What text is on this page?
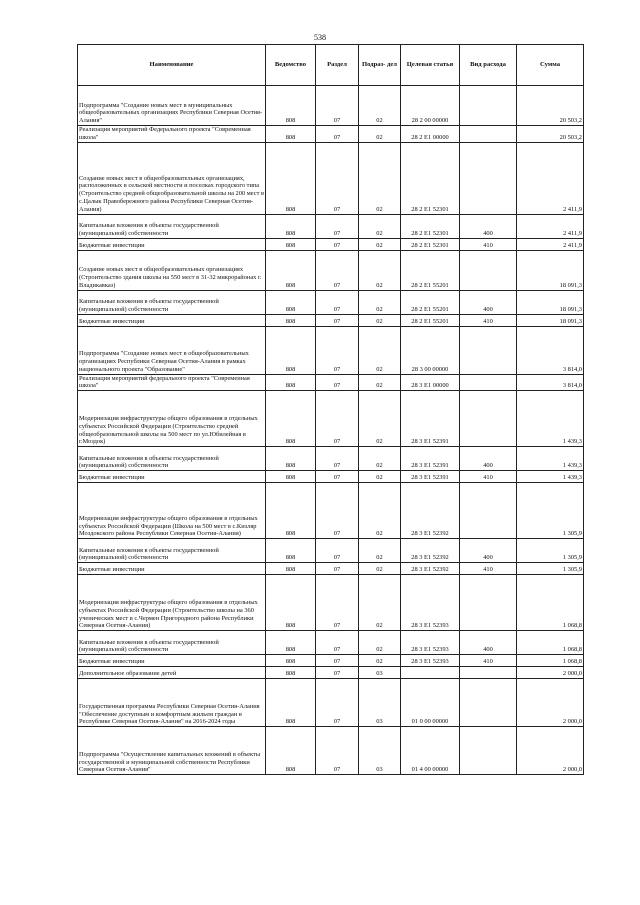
538
Наименование	Ведомство	Раздел	Подраз- дел	Целевая статья	Вид расхода	Сумма
Подпрограмма "Создание новых мест в муниципальных общеобразовательных организациях Республики Северная Осетия-Алания"	808	07	02	28 2 00 00000		20 503,2
Реализация мероприятий Федерального проекта "Современная школа"	808	07	02	28 2 E1 00000		20 503,2
Создание новых мест в общеобразовательных организациях, расположенных в сельской местности и поселках городского типа (Строительство средней общеобразовательной школы на 200 мест в с.Цалык Правобережного района Республики Северная Осетия-Алания)	808	07	02	28 2 E1 52301		2 411,9
Капитальные вложения в объекты государственной (муниципальной) собственности	808	07	02	28 2 E1 52301	400	2 411,9
Бюджетные инвестиции	808	07	02	28 2 E1 52301	410	2 411,9
Создание новых мест в общеобразовательных организациях (Строительство здания школы на 550 мест в 31-32 микрорайонах г. Владикавказ)	808	07	02	28 2 E1 55201		18 091,3
Капитальные вложения в объекты государственной (муниципальной) собственности	808	07	02	28 2 E1 55201	400	18 091,3
Бюджетные инвестиции	808	07	02	28 2 E1 55201	410	18 091,3
Подпрограмма "Создание новых мест в общеобразовательных организациях Республики Северная Осетия-Алания в рамках национального проекта "Образование"	808	07	02	28 3 00 00000		3 814,0
Реализация мероприятий федерального проекта "Современная школа"	808	07	02	28 3 E1 00000		3 814,0
Модернизация инфраструктуры общего образования в отдельных субъектах Российской Федерации (Строительство средней общеобразовательной школы на 500 мест по ул.Юбилейная в г.Моздок)	808	07	02	28 3 E1 52391		1 439,3
Капитальные вложения в объекты государственной (муниципальной) собственности	808	07	02	28 3 E1 52391	400	1 439,3
Бюджетные инвестиции	808	07	02	28 3 E1 52391	410	1 439,3
Модернизация инфраструктуры общего образования в отдельных субъектах Российской Федерации (Школа на 500 мест в с.Кизляр Моздокского района Республики Северная Осетия-Алания)	808	07	02	28 3 E1 52392		1 305,9
Капитальные вложения в объекты государственной (муниципальной) собственности	808	07	02	28 3 E1 52392	400	1 305,9
Бюджетные инвестиции	808	07	02	28 3 E1 52392	410	1 305,9
Модернизация инфраструктуры общего образования в отдельных субъектах Российской Федерации (Строительство школы на 360 ученических мест в с.Чермен Пригородного района Республики Северная Осетия-Алания)	808	07	02	28 3 E1 52393		1 068,8
Капитальные вложения в объекты государственной (муниципальной) собственности	808	07	02	28 3 E1 52393	400	1 068,8
Бюджетные инвестиции	808	07	02	28 3 E1 52393	410	1 068,8
Дополнительное образование детей	808	07	03			2 000,0
Государственная программа Республики Северная Осетия-Алания "Обеспечение доступным и комфортным жильем граждан в Республике Северная Осетия-Алания" на 2016-2024 годы	808	07	03	01 0 00 00000		2 000,0
Подпрограмма "Осуществление капитальных вложений в объекты государственной и муниципальной собственности Республики Северная Осетия-Алания"	808	07	03	01 4 00 00000		2 000,0
